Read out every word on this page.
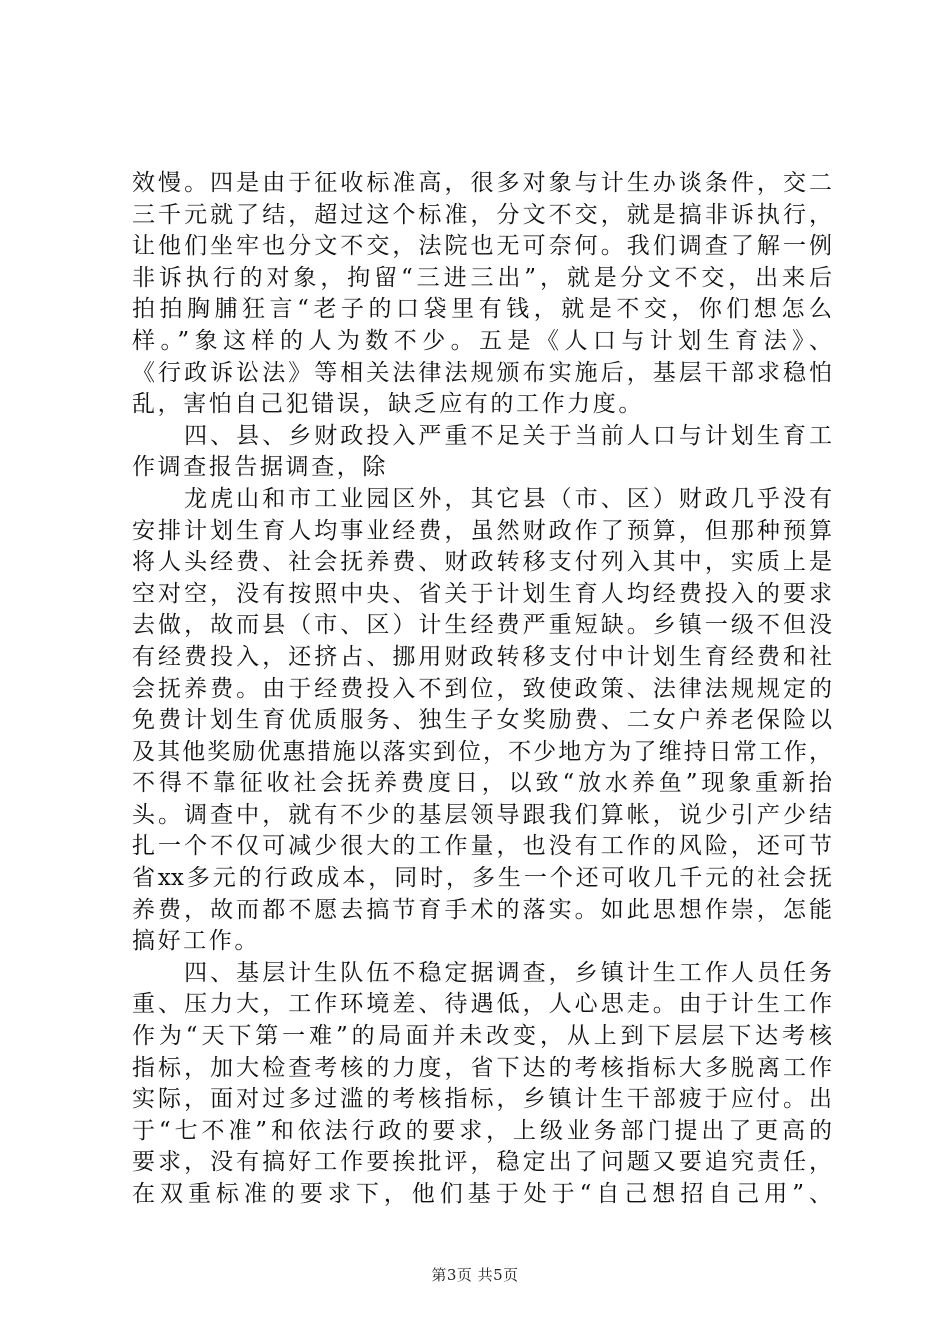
效慢。四是由于征收标准高，很多对象与计生办谈条件，交二
三千元就了结，超过这个标准，分文不交，就是搞非诉执行，
让他们坐牢也分文不交，法院也无可奈何。我们调查了解一例
非诉执行的对象，拘留“三进三出”，就是分文不交，出来后
拍拍胸脯狂言“老子的口袋里有钱，就是不交，你们想怎么
样。”象这样的人为数不少。五是《人口与计划生育法》、
《行政诉讼法》等相关法律法规颁布实施后，基层干部求稳怕
乱，害怕自己犯错误，缺乏应有的工作力度。
　　四、县、乡财政投入严重不足关于当前人口与计划生育工
作调查报告据调查，除
　　龙虎山和市工业园区外，其它县（市、区）财政几乎没有
安排计划生育人均事业经费，虽然财政作了预算，但那种预算
将人头经费、社会抚养费、财政转移支付列入其中，实质上是
空对空，没有按照中央、省关于计划生育人均经费投入的要求
去做，故而县（市、区）计生经费严重短缺。乡镇一级不但没
有经费投入，还挤占、挪用财政转移支付中计划生育经费和社
会抚养费。由于经费投入不到位，致使政策、法律法规规定的
免费计划生育优质服务、独生子女奖励费、二女户养老保险以
及其他奖励优惠措施以落实到位，不少地方为了维持日常工作，
不得不靠征收社会抚养费度日，以致“放水养鱼”现象重新抬
头。调查中，就有不少的基层领导跟我们算帐，说少引产少结
扎一个不仅可减少很大的工作量，也没有工作的风险，还可节
省xx多元的行政成本，同时，多生一个还可收几千元的社会抚
养费，故而都不愿去搞节育手术的落实。如此思想作崇，怎能
搞好工作。
　　四、基层计生队伍不稳定据调查，乡镇计生工作人员任务
重、压力大，工作环境差、待遇低，人心思走。由于计生工作
作为“天下第一难”的局面并未改变，从上到下层层下达考核
指标，加大检查考核的力度，省下达的考核指标大多脱离工作
实际，面对过多过滥的考核指标，乡镇计生干部疲于应付。出
于“七不准”和依法行政的要求，上级业务部门提出了更高的
要求，没有搞好工作要挨批评，稳定出了问题又要追究责任，
在双重标准的要求下，他们基于处于“自己想招自己用”、
第3页 共5页
